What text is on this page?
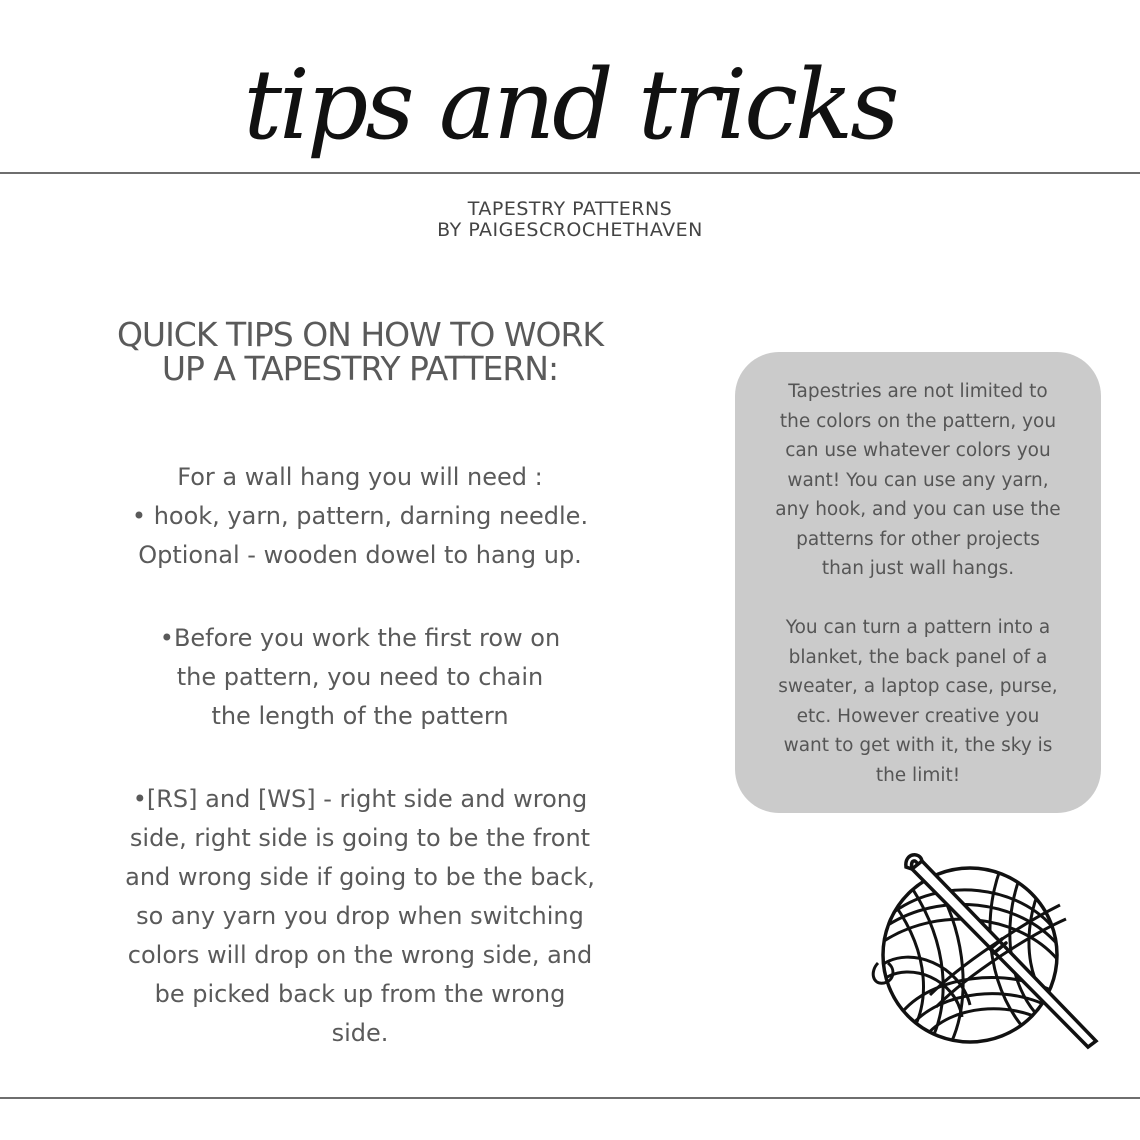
tips and tricks
TAPESTRY PATTERNS
BY PAIGESCROCHETHAVEN
QUICK TIPS ON HOW TO WORK
UP A TAPESTRY PATTERN:
For a wall hang you will need :
• hook, yarn, pattern, darning needle.
Optional - wooden dowel to hang up.
•Before you work the first row on
the pattern, you need to chain
the length of the pattern
•[RS] and [WS] - right side and wrong
side, right side is going to be the front
and wrong side if going to be the back,
so any yarn you drop when switching
colors will drop on the wrong side, and
be picked back up from the wrong
side.
Tapestries are not limited to
the colors on the pattern, you
can use whatever colors you
want! You can use any yarn,
any hook, and you can use the
patterns for other projects
than just wall hangs.
You can turn a pattern into a
blanket, the back panel of a
sweater, a laptop case, purse,
etc. However creative you
want to get with it, the sky is
the limit!
